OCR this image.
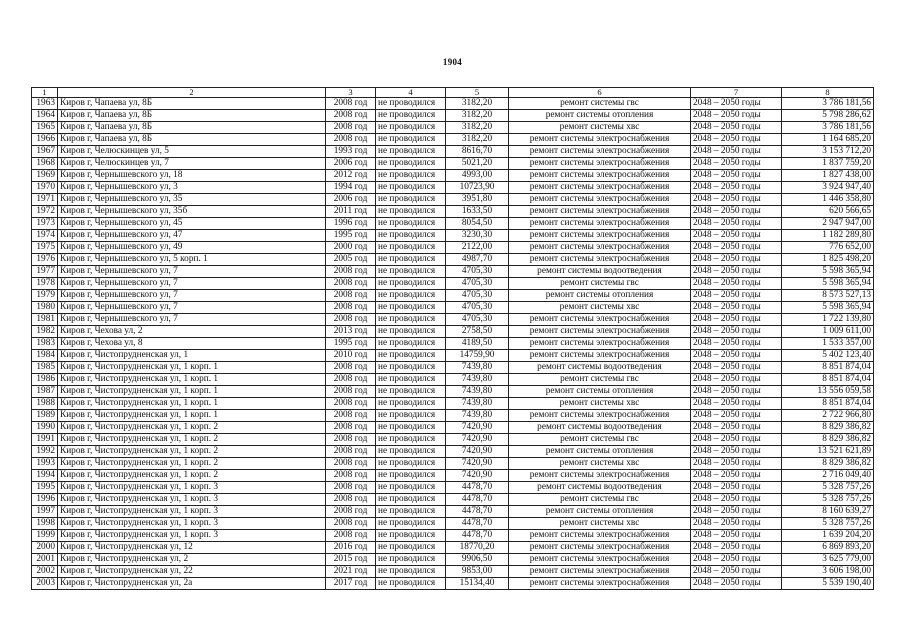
1904
1	2	3	4	5	6	7	8
1963	Киров г, Чапаева ул, 8Б	2008 год	не проводился	3182,20	ремонт системы гвс	2048 – 2050 годы	3 786 181,56
1964	Киров г, Чапаева ул, 8Б	2008 год	не проводился	3182,20	ремонт системы отопления	2048 – 2050 годы	5 798 286,62
1965	Киров г, Чапаева ул, 8Б	2008 год	не проводился	3182,20	ремонт системы хвс	2048 – 2050 годы	3 786 181,56
1966	Киров г, Чапаева ул, 8Б	2008 год	не проводился	3182,20	ремонт системы электроснабжения	2048 – 2050 годы	1 164 685,20
1967	Киров г, Челюскинцев ул, 5	1993 год	не проводился	8616,70	ремонт системы электроснабжения	2048 – 2050 годы	3 153 712,20
1968	Киров г, Челюскинцев ул, 7	2006 год	не проводился	5021,20	ремонт системы электроснабжения	2048 – 2050 годы	1 837 759,20
1969	Киров г, Чернышевского ул, 18	2012 год	не проводился	4993,00	ремонт системы электроснабжения	2048 – 2050 годы	1 827 438,00
1970	Киров г, Чернышевского ул, 3	1994 год	не проводился	10723,90	ремонт системы электроснабжения	2048 – 2050 годы	3 924 947,40
1971	Киров г, Чернышевского ул, 35	2006 год	не проводился	3951,80	ремонт системы электроснабжения	2048 – 2050 годы	1 446 358,80
1972	Киров г, Чернышевского ул, 35б	2011 год	не проводился	1633,50	ремонт системы электроснабжения	2048 – 2050 годы	620 566,65
1973	Киров г, Чернышевского ул, 45	1996 год	не проводился	8054,50	ремонт системы электроснабжения	2048 – 2050 годы	2 947 947,00
1974	Киров г, Чернышевского ул, 47	1995 год	не проводился	3230,30	ремонт системы электроснабжения	2048 – 2050 годы	1 182 289,80
1975	Киров г, Чернышевского ул, 49	2000 год	не проводился	2122,00	ремонт системы электроснабжения	2048 – 2050 годы	776 652,00
1976	Киров г, Чернышевского ул, 5 корп. 1	2005 год	не проводился	4987,70	ремонт системы электроснабжения	2048 – 2050 годы	1 825 498,20
1977	Киров г, Чернышевского ул, 7	2008 год	не проводился	4705,30	ремонт системы водоотведения	2048 – 2050 годы	5 598 365,94
1978	Киров г, Чернышевского ул, 7	2008 год	не проводился	4705,30	ремонт системы гвс	2048 – 2050 годы	5 598 365,94
1979	Киров г, Чернышевского ул, 7	2008 год	не проводился	4705,30	ремонт системы отопления	2048 – 2050 годы	8 573 527,13
1980	Киров г, Чернышевского ул, 7	2008 год	не проводился	4705,30	ремонт системы хвс	2048 – 2050 годы	5 598 365,94
1981	Киров г, Чернышевского ул, 7	2008 год	не проводился	4705,30	ремонт системы электроснабжения	2048 – 2050 годы	1 722 139,80
1982	Киров г, Чехова ул, 2	2013 год	не проводился	2758,50	ремонт системы электроснабжения	2048 – 2050 годы	1 009 611,00
1983	Киров г, Чехова ул, 8	1995 год	не проводился	4189,50	ремонт системы электроснабжения	2048 – 2050 годы	1 533 357,00
1984	Киров г, Чистопрудненская ул, 1	2010 год	не проводился	14759,90	ремонт системы электроснабжения	2048 – 2050 годы	5 402 123,40
1985	Киров г, Чистопрудненская ул, 1 корп. 1	2008 год	не проводился	7439,80	ремонт системы водоотведения	2048 – 2050 годы	8 851 874,04
1986	Киров г, Чистопрудненская ул, 1 корп. 1	2008 год	не проводился	7439,80	ремонт системы гвс	2048 – 2050 годы	8 851 874,04
1987	Киров г, Чистопрудненская ул, 1 корп. 1	2008 год	не проводился	7439,80	ремонт системы отопления	2048 – 2050 годы	13 556 059,58
1988	Киров г, Чистопрудненская ул, 1 корп. 1	2008 год	не проводился	7439,80	ремонт системы хвс	2048 – 2050 годы	8 851 874,04
1989	Киров г, Чистопрудненская ул, 1 корп. 1	2008 год	не проводился	7439,80	ремонт системы электроснабжения	2048 – 2050 годы	2 722 966,80
1990	Киров г, Чистопрудненская ул, 1 корп. 2	2008 год	не проводился	7420,90	ремонт системы водоотведения	2048 – 2050 годы	8 829 386,82
1991	Киров г, Чистопрудненская ул, 1 корп. 2	2008 год	не проводился	7420,90	ремонт системы гвс	2048 – 2050 годы	8 829 386,82
1992	Киров г, Чистопрудненская ул, 1 корп. 2	2008 год	не проводился	7420,90	ремонт системы отопления	2048 – 2050 годы	13 521 621,89
1993	Киров г, Чистопрудненская ул, 1 корп. 2	2008 год	не проводился	7420,90	ремонт системы хвс	2048 – 2050 годы	8 829 386,82
1994	Киров г, Чистопрудненская ул, 1 корп. 2	2008 год	не проводился	7420,90	ремонт системы электроснабжения	2048 – 2050 годы	2 716 049,40
1995	Киров г, Чистопрудненская ул, 1 корп. 3	2008 год	не проводился	4478,70	ремонт системы водоотведения	2048 – 2050 годы	5 328 757,26
1996	Киров г, Чистопрудненская ул, 1 корп. 3	2008 год	не проводился	4478,70	ремонт системы гвс	2048 – 2050 годы	5 328 757,26
1997	Киров г, Чистопрудненская ул, 1 корп. 3	2008 год	не проводился	4478,70	ремонт системы отопления	2048 – 2050 годы	8 160 639,27
1998	Киров г, Чистопрудненская ул, 1 корп. 3	2008 год	не проводился	4478,70	ремонт системы хвс	2048 – 2050 годы	5 328 757,26
1999	Киров г, Чистопрудненская ул, 1 корп. 3	2008 год	не проводился	4478,70	ремонт системы электроснабжения	2048 – 2050 годы	1 639 204,20
2000	Киров г, Чистопрудненская ул, 12	2016 год	не проводился	18770,20	ремонт системы электроснабжения	2048 – 2050 годы	6 869 893,20
2001	Киров г, Чистопрудненская ул, 2	2015 год	не проводился	9906,50	ремонт системы электроснабжения	2048 – 2050 годы	3 625 779,00
2002	Киров г, Чистопрудненская ул, 22	2021 год	не проводился	9853,00	ремонт системы электроснабжения	2048 – 2050 годы	3 606 198,00
2003	Киров г, Чистопрудненская ул, 2а	2017 год	не проводился	15134,40	ремонт системы электроснабжения	2048 – 2050 годы	5 539 190,40
